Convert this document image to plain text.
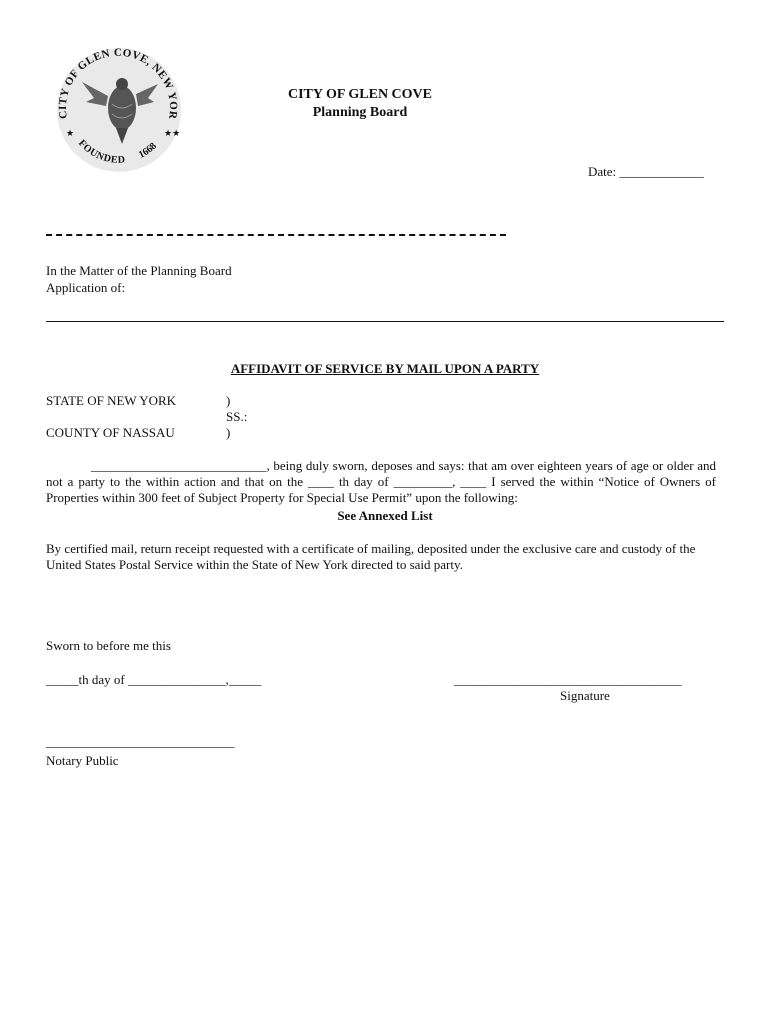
CITY OF GLEN COVE, NEW YOR
FOUNDED 1668
★	★★
CITY OF GLEN COVE
Planning Board
Date: _____________
In the Matter of the Planning Board
Application of:
AFFIDAVIT OF SERVICE BY MAIL UPON A PARTY
STATE OF NEW YORK

COUNTY OF NASSAU
)
SS.:
)
___________________________, being duly sworn, deposes and says: that am over eighteen years of age or older and not a party to the within action and that on the ____ th day of _________, ____ I served the within “Notice of Owners of Properties within 300 feet of Subject Property for Special Use Permit” upon the following:
See Annexed List
By certified mail, return receipt requested with a certificate of mailing, deposited under the exclusive care and custody of the United States Postal Service within the State of New York directed to said party.
Sworn to before me this
_____th day of _______________,_____	___________________________________
Signature
_____________________________
Notary Public
